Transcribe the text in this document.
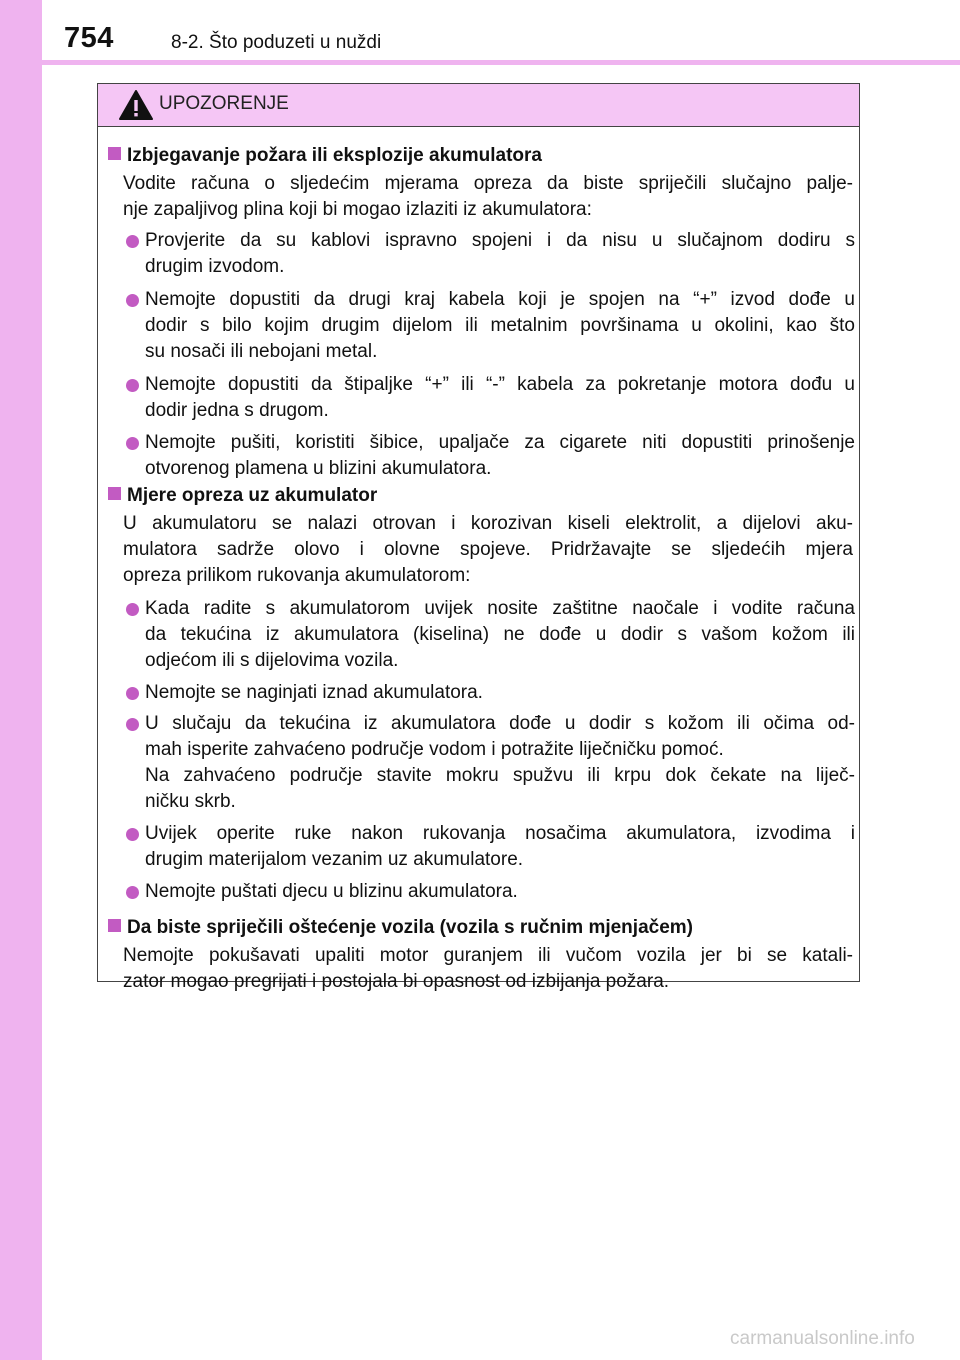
754	8-2. Što poduzeti u nuždi
UPOZORENJE
Izbjegavanje požara ili eksplozije akumulatora
Vodite računa o sljedećim mjerama opreza da biste spriječili slučajno palje-
nje zapaljivog plina koji bi mogao izlaziti iz akumulatora:
Provjerite da su kablovi ispravno spojeni i da nisu u slučajnom dodiru s
drugim izvodom.
Nemojte dopustiti da drugi kraj kabela koji je spojen na “+” izvod dođe u
dodir s bilo kojim drugim dijelom ili metalnim površinama u okolini, kao što
su nosači ili nebojani metal.
Nemojte dopustiti da štipaljke “+” ili “-” kabela za pokretanje motora dođu u
dodir jedna s drugom.
Nemojte pušiti, koristiti šibice, upaljače za cigarete niti dopustiti prinošenje
otvorenog plamena u blizini akumulatora.
Mjere opreza uz akumulator
U akumulatoru se nalazi otrovan i korozivan kiseli elektrolit, a dijelovi aku-
mulatora sadrže olovo i olovne spojeve. Pridržavajte se sljedećih mjera
opreza prilikom rukovanja akumulatorom:
Kada radite s akumulatorom uvijek nosite zaštitne naočale i vodite računa
da tekućina iz akumulatora (kiselina) ne dođe u dodir s vašom kožom ili
odjećom ili s dijelovima vozila.
Nemojte se naginjati iznad akumulatora.
U slučaju da tekućina iz akumulatora dođe u dodir s kožom ili očima od-
mah isperite zahvaćeno područje vodom i potražite liječničku pomoć.
Na zahvaćeno područje stavite mokru spužvu ili krpu dok čekate na liječ-
ničku skrb.
Uvijek operite ruke nakon rukovanja nosačima akumulatora, izvodima i
drugim materijalom vezanim uz akumulatore.
Nemojte puštati djecu u blizinu akumulatora.
Da biste spriječili oštećenje vozila (vozila s ručnim mjenjačem)
Nemojte pokušavati upaliti motor guranjem ili vučom vozila jer bi se katali-
zator mogao pregrijati i postojala bi opasnost od izbijanja požara.
carmanualsonline.info
